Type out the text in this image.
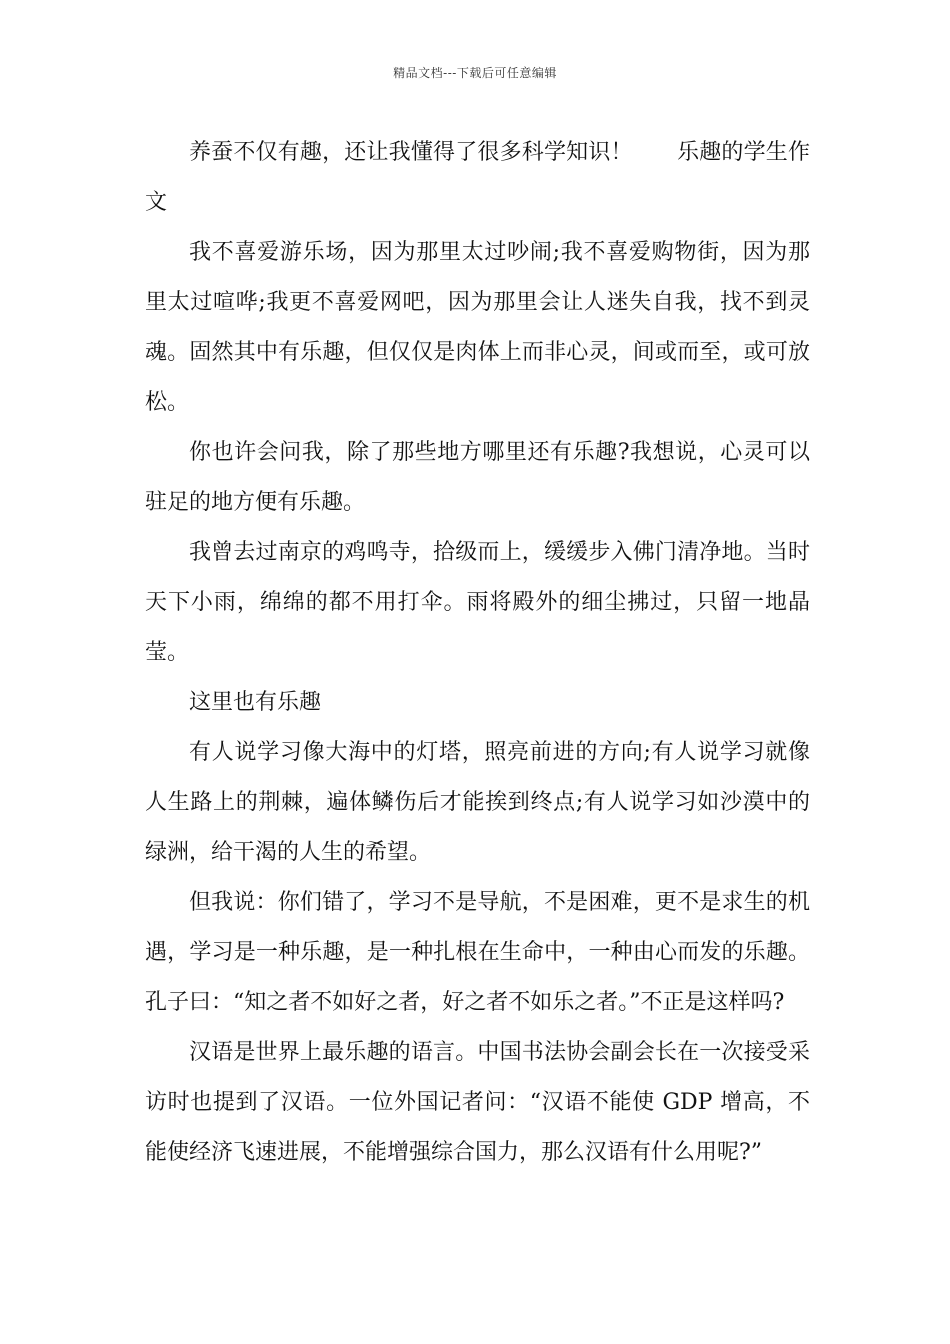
精品文档---下载后可任意编辑

养蚕不仅有趣，还让我懂得了很多科学知识！　　乐趣的学生作文

我不喜爱游乐场，因为那里太过吵闹;我不喜爱购物街，因为那里太过喧哗;我更不喜爱网吧，因为那里会让人迷失自我，找不到灵魂。固然其中有乐趣，但仅仅是肉体上而非心灵，间或而至，或可放松。

你也许会问我，除了那些地方哪里还有乐趣?我想说，心灵可以驻足的地方便有乐趣。

我曾去过南京的鸡鸣寺，拾级而上，缓缓步入佛门清净地。当时天下小雨，绵绵的都不用打伞。雨将殿外的细尘拂过，只留一地晶莹。

这里也有乐趣

有人说学习像大海中的灯塔，照亮前进的方向;有人说学习就像人生路上的荆棘，遍体鳞伤后才能挨到终点;有人说学习如沙漠中的绿洲，给干渴的人生的希望。

但我说：你们错了，学习不是导航，不是困难，更不是求生的机遇，学习是一种乐趣，是一种扎根在生命中，一种由心而发的乐趣。孔子曰：“知之者不如好之者，好之者不如乐之者。”不正是这样吗?

汉语是世界上最乐趣的语言。中国书法协会副会长在一次接受采访时也提到了汉语。一位外国记者问：“汉语不能使 GDP 增高，不能使经济飞速进展，不能增强综合国力，那么汉语有什么用呢?”
